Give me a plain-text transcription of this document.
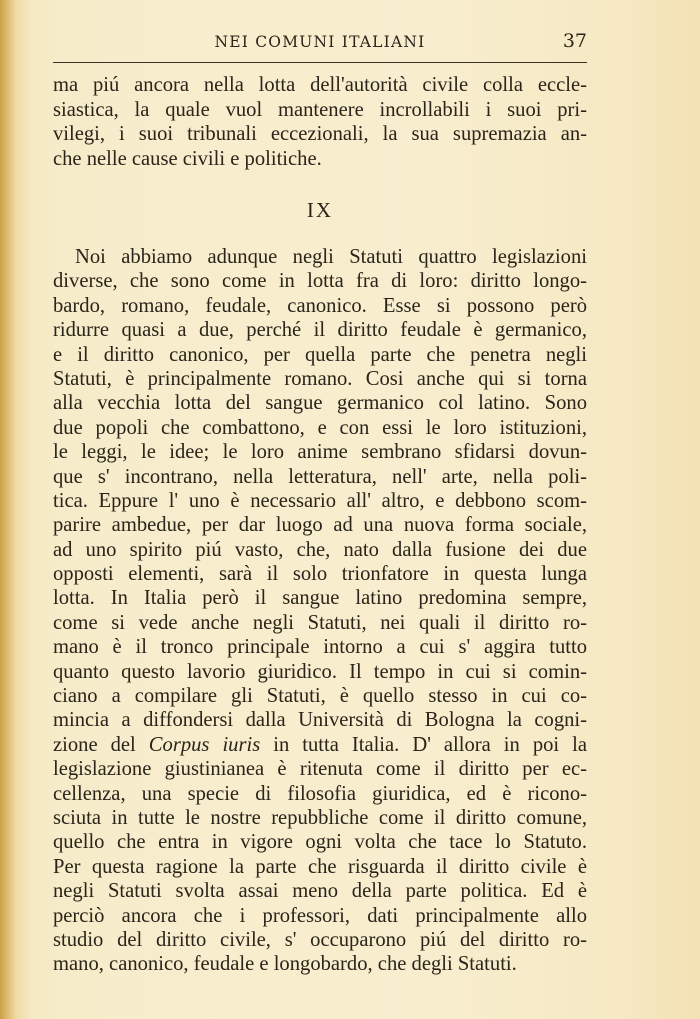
NEI COMUNI ITALIANI	37
ma piú ancora nella lotta dell'autorità civile colla eccle-
siastica, la quale vuol mantenere incrollabili i suoi pri-
vilegi, i suoi tribunali eccezionali, la sua supremazia an-
che nelle cause civili e politiche.
IX
Noi abbiamo adunque negli Statuti quattro legislazioni
diverse, che sono come in lotta fra di loro: diritto longo-
bardo, romano, feudale, canonico. Esse si possono però
ridurre quasi a due, perché il diritto feudale è germanico,
e il diritto canonico, per quella parte che penetra negli
Statuti, è principalmente romano. Cosi anche qui si torna
alla vecchia lotta del sangue germanico col latino. Sono
due popoli che combattono, e con essi le loro istituzioni,
le leggi, le idee; le loro anime sembrano sfidarsi dovun-
que s' incontrano, nella letteratura, nell' arte, nella poli-
tica. Eppure l' uno è necessario all' altro, e debbono scom-
parire ambedue, per dar luogo ad una nuova forma sociale,
ad uno spirito piú vasto, che, nato dalla fusione dei due
opposti elementi, sarà il solo trionfatore in questa lunga
lotta. In Italia però il sangue latino predomina sempre,
come si vede anche negli Statuti, nei quali il diritto ro-
mano è il tronco principale intorno a cui s' aggira tutto
quanto questo lavorio giuridico. Il tempo in cui si comin-
ciano a compilare gli Statuti, è quello stesso in cui co-
mincia a diffondersi dalla Università di Bologna la cogni-
zione del Corpus iuris in tutta Italia. D' allora in poi la
legislazione giustinianea è ritenuta come il diritto per ec-
cellenza, una specie di filosofia giuridica, ed è ricono-
sciuta in tutte le nostre repubbliche come il diritto comune,
quello che entra in vigore ogni volta che tace lo Statuto.
Per questa ragione la parte che risguarda il diritto civile è
negli Statuti svolta assai meno della parte politica. Ed è
perciò ancora che i professori, dati principalmente allo
studio del diritto civile, s' occuparono piú del diritto ro-
mano, canonico, feudale e longobardo, che degli Statuti.
